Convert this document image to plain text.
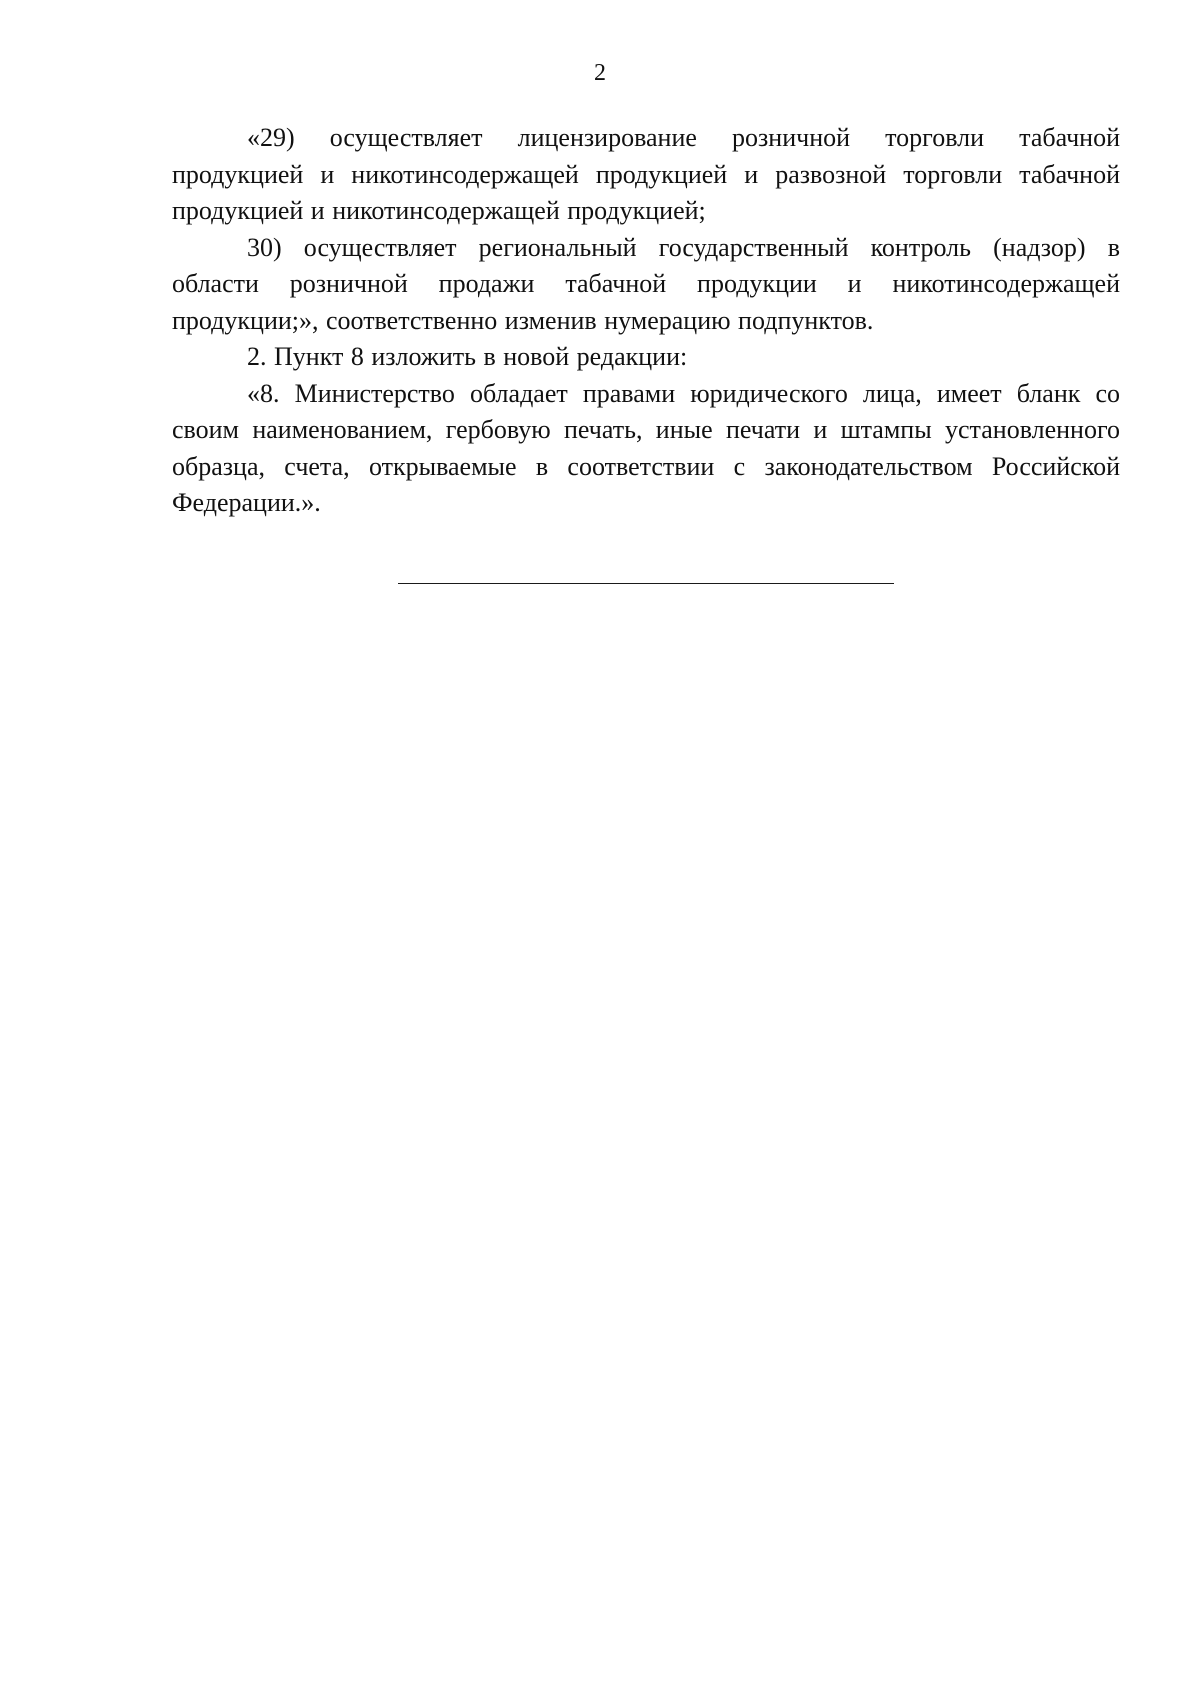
2

«29) осуществляет лицензирование розничной торговли табачной продукцией и никотинсодержащей продукцией и развозной торговли табачной продукцией и никотинсодержащей продукцией;

30) осуществляет региональный государственный контроль (надзор) в области розничной продажи табачной продукции и никотинсодержащей продукции;», соответственно изменив нумерацию подпунктов.

2. Пункт 8 изложить в новой редакции:

«8. Министерство обладает правами юридического лица, имеет бланк со своим наименованием, гербовую печать, иные печати и штампы установленного образца, счета, открываемые в соответствии с законодательством Российской Федерации.».
